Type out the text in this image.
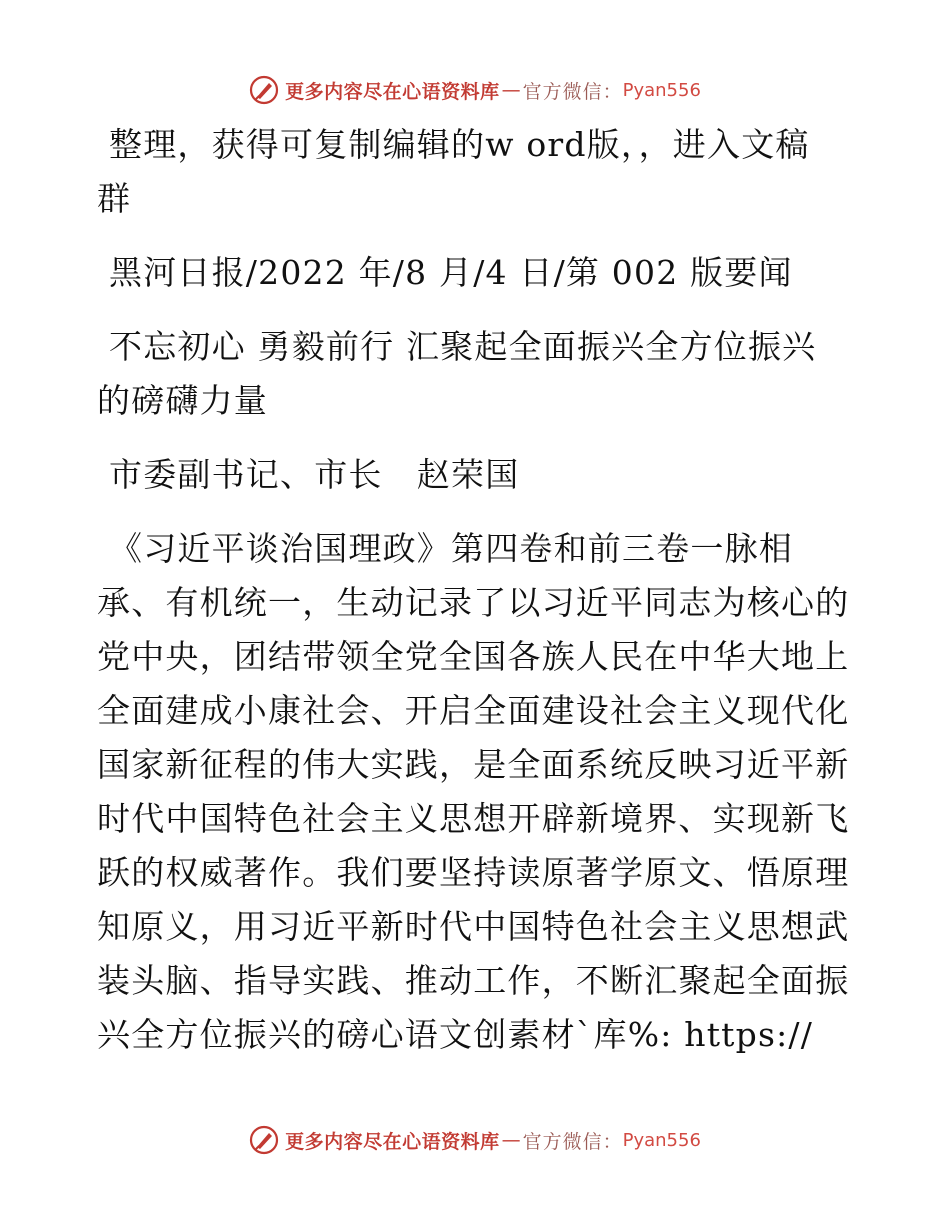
更多内容尽在心语资料库 — 官方微信： Pyan556

整理，获得可复制编辑的w ord版，，进入文稿

群

黑河日报/2022 年/8 月/4 日/第 002 版要闻

不忘初心 勇毅前行 汇聚起全面振兴全方位振兴

的磅礴力量

市委副书记、市长　赵荣国

《习近平谈治国理政》第四卷和前三卷一脉相

承、有机统一，生动记录了以习近平同志为核心的

党中央，团结带领全党全国各族人民在中华大地上

全面建成小康社会、开启全面建设社会主义现代化

国家新征程的伟大实践，是全面系统反映习近平新

时代中国特色社会主义思想开辟新境界、实现新飞

跃的权威著作。我们要坚持读原著学原文、悟原理

知原义，用习近平新时代中国特色社会主义思想武

装头脑、指导实践、推动工作，不断汇聚起全面振

兴全方位振兴的磅心语文创素材`库%: https://

更多内容尽在心语资料库 — 官方微信： Pyan556
